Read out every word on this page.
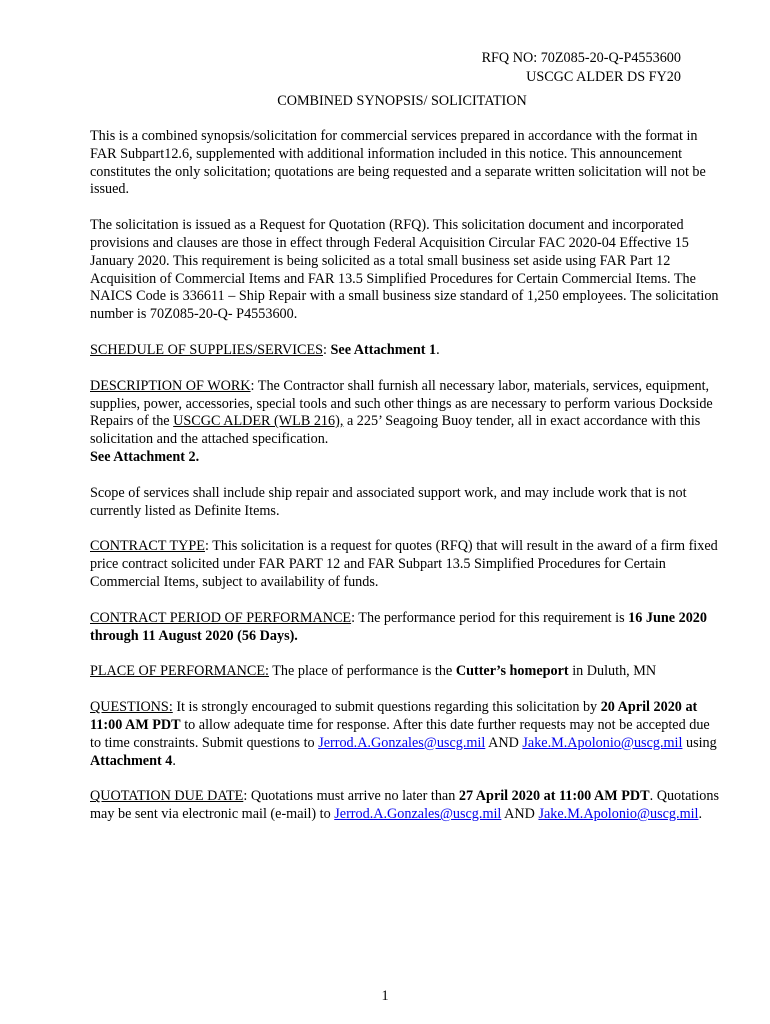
RFQ NO: 70Z085-20-Q-P4553600
USCGC ALDER DS FY20
COMBINED SYNOPSIS/ SOLICITATION

This is a combined synopsis/solicitation for commercial services prepared in accordance with the format in FAR Subpart12.6, supplemented with additional information included in this notice. This announcement constitutes the only solicitation; quotations are being requested and a separate written solicitation will not be issued.

The solicitation is issued as a Request for Quotation (RFQ). This solicitation document and incorporated provisions and clauses are those in effect through Federal Acquisition Circular FAC 2020-04 Effective 15 January 2020. This requirement is being solicited as a total small business set aside using FAR Part 12 Acquisition of Commercial Items and FAR 13.5 Simplified Procedures for Certain Commercial Items. The NAICS Code is 336611 – Ship Repair with a small business size standard of 1,250 employees. The solicitation number is 70Z085-20-Q- P4553600.

SCHEDULE OF SUPPLIES/SERVICES: See Attachment 1.

DESCRIPTION OF WORK: The Contractor shall furnish all necessary labor, materials, services, equipment, supplies, power, accessories, special tools and such other things as are necessary to perform various Dockside Repairs of the USCGC ALDER (WLB 216), a 225’ Seagoing Buoy tender, all in exact accordance with this solicitation and the attached specification.
See Attachment 2.

Scope of services shall include ship repair and associated support work, and may include work that is not currently listed as Definite Items.

CONTRACT TYPE: This solicitation is a request for quotes (RFQ) that will result in the award of a firm fixed price contract solicited under FAR PART 12 and FAR Subpart 13.5 Simplified Procedures for Certain Commercial Items, subject to availability of funds.

CONTRACT PERIOD OF PERFORMANCE: The performance period for this requirement is 16 June 2020 through 11 August 2020 (56 Days).

PLACE OF PERFORMANCE: The place of performance is the Cutter’s homeport in Duluth, MN

QUESTIONS: It is strongly encouraged to submit questions regarding this solicitation by 20 April 2020 at 11:00 AM PDT to allow adequate time for response. After this date further requests may not be accepted due to time constraints. Submit questions to Jerrod.A.Gonzales@uscg.mil AND Jake.M.Apolonio@uscg.mil using Attachment 4.

QUOTATION DUE DATE: Quotations must arrive no later than 27 April 2020 at 11:00 AM PDT. Quotations may be sent via electronic mail (e-mail) to Jerrod.A.Gonzales@uscg.mil AND Jake.M.Apolonio@uscg.mil.

1
